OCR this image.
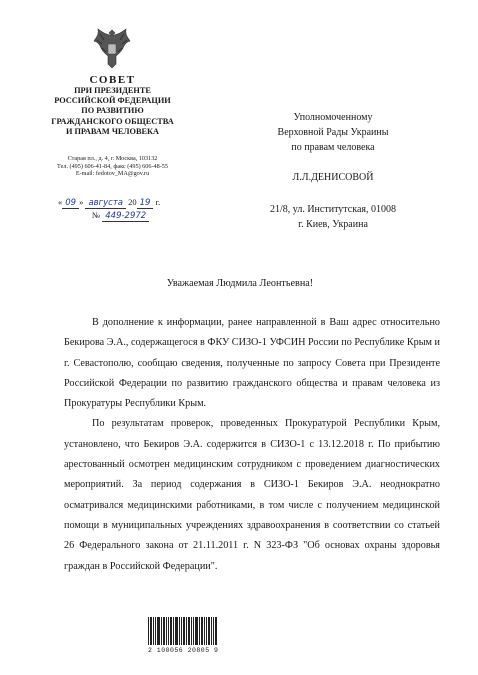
СОВЕТ
ПРИ ПРЕЗИДЕНТЕ
РОССИЙСКОЙ ФЕДЕРАЦИИ
ПО РАЗВИТИЮ
ГРАЖДАНСКОГО ОБЩЕСТВА
И ПРАВАМ ЧЕЛОВЕКА
Старая пл., д. 4, г. Москва, 103132
Тел. (495) 606-41-84, факс (495) 606-48-55
E-mail: fedotov_MA@gov.ru
« 09 » августа 20 19 г.
№ 449-2972
Уполномоченному
Верховной Рады Украины
по правам человека
Л.Л.ДЕНИСОВОЙ
21/8, ул. Институтская, 01008
г. Киев, Украина
Уважаемая Людмила Леонтьевна!

В дополнение к информации, ранее направленной в Ваш адрес относительно Бекирова Э.А., содержащегося в ФКУ СИЗО-1 УФСИН России по Республике Крым и г. Севастополю, сообщаю сведения, полученные по запросу Совета при Президенте Российской Федерации по развитию гражданского общества и правам человека из Прокуратуры Республики Крым.

По результатам проверок, проведенных Прокуратурой Республики Крым, установлено, что Бекиров Э.А. содержится в СИЗО-1 с 13.12.2018 г. По прибытию арестованный осмотрен медицинским сотрудником с проведением диагностических мероприятий. За период содержания в СИЗО-1 Бекиров Э.А. неоднократно осматривался медицинскими работниками, в том числе с получением медицинской помощи в муниципальных учреждениях здравоохранения в соответствии со статьей 26 Федерального закона от 21.11.2011 г. N 323-ФЗ "Об основах охраны здоровья граждан в Российской Федерации".

2 100056 20805 9
